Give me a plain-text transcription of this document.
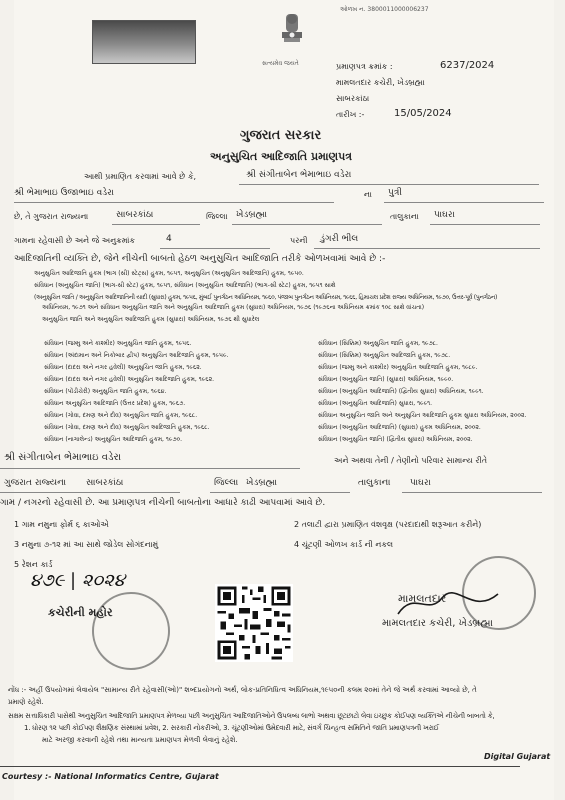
સત્યમેવ જયતે
ઓળખ ન. 3800011000006237
પ્રમાણપત્ર ક્રમાંક :	6237/2024
મામલતદાર કચેરી, ખેડબ્રહ્મા
સાબરકાંઠા
તારીખ :-	15/05/2024
ગુજરાત સરકાર
અનુસુચિત આદિજાતિ પ્રમાણપત્ર
આથી પ્રમાણિત કરવામાં આવે છે કે,	શ્રી સંગીતાબેન ભેમાભાઇ વડેરા
શ્રી ભેમાભાઇ ઉજાભાઇ વડેરા	ના પુત્રી
છે, તે ગુજરાત રાજ્યના	સાબરકાંઠા	જિલ્લા ખેડબ્રહ્મા	તાલુકાના પાઘરા
ગામના રહેવાસી છે અને જે અનુક્રમાંક	4	પરની ડુંગરી ભીલ
આદિજાતિની વ્યક્તિ છે, જેને નીચેની બાબતો હેઠળ અનુસુચિત આદિજાતિ તરીકે ઓળખવામાં આવે છે :-
અનુસુચિત આદિજાતિ હુકમ (ભાગ (સી) સ્ટેટ્સ) હુકમ, ૧૯૫૧, અનુસુચિત (અનુસુચિત આદિજાતિ) હુકમ, ૧૯૫૦.
સંવિધાન (અનુસુચિત જાતિ) (ભાગ-સી સ્ટેટ) હુકમ, ૧૯૫૧, સંવિધાન (અનુસુચિત આદિજાતિ) (ભાગ-સી સ્ટેટ) હુકમ, ૧૯૫૧ સાથે
(અનુસુચિત જાતિ / અનુસુચિત આદિજાતિની યાદી (સુધારા) હુકમ, ૧૯૫૬, મુંબઈ પુનર્ગઠન અધિનિયમ, ૧૯૬૦, પંજાબ પુનર્ગઠન અધિનિયમ, ૧૯૬૬, હિમાચલ પ્રદેશ રાજ્ય અધિનિયમ, ૧૯૭૦, ઉત્તર-પૂર્વ (પુનર્ગઠન)
અધિનિયમ, ૧૯૭૧ અને સંવિધાન અનુસુચિત જાતિ અને અનુસુચિત આદિજાતિ હુકમ (સુધારા) અધિનિયમ, ૧૯૭૬ (૧૯૭૬ના અધિનિયમ ક્રમાંક ૧૦૮ સાથે વાંચતા)
અનુસુચિત જાતિ અને અનુસુચિત આદિજાતિ હુકમ (સુધારા) અધિનિયમ, ૧૯૭૬ થી સુધારેલ
સંવિધાન (જમ્મુ અને કાશ્મીર) અનુસુચિત જાતિ હુકમ, ૧૯૫૬.
સંવિધાન (અંદામાન અને નિકોબાર દ્વીપ) અનુસુચિત આદિજાતિ હુકમ, ૧૯૫૯.
સંવિધાન (દાદરા અને નગર હવેલી) અનુસુચિત જાતિ હુકમ, ૧૯૬૨.
સંવિધાન (દાદરા અને નગર હવેલી) અનુસુચિત આદિજાતિ હુકમ, ૧૯૬૨.
સંવિધાન (પોંડીચેરી) અનુસુચિત જાતિ હુકમ, ૧૯૬૪.
સંવિધાન અનુસુચિત આદિજાતિ (ઉત્તર પ્રદેશ) હુકમ, ૧૯૬૭.
સંવિધાન (ગોવા, દમણ અને દીવ) અનુસુચિત જાતિ હુકમ, ૧૯૬૮.
સંવિધાન (ગોવા, દમણ અને દીવ) અનુસુચિત આદિજાતિ હુકમ, ૧૯૬૮.
સંવિધાન (નાગાલેન્ડ) અનુસુચિત આદિજાતિ હુકમ, ૧૯૭૦.
સંવિધાન (સિક્કિમ) અનુસુચિત જાતિ હુકમ, ૧૯૭૮.
સંવિધાન (સિક્કિમ) અનુસુચિત આદિજાતિ હુકમ, ૧૯૭૮.
સંવિધાન (જમ્મુ અને કાશ્મીર) અનુસુચિત આદિજાતિ હુકમ, ૧૯૮૯.
સંવિધાન (અનુસુચિત જાતિ) (સુધારા) અધિનિયમ, ૧૯૯૦.
સંવિધાન (અનુસુચિત આદિજાતિ) (દ્વિતીય સુધારા) અધિનિયમ, ૧૯૯૧.
સંવિધાન (અનુસુચિત આદિજાતિ) સુધારા, ૧૯૯૧.
સંવિધાન અનુસુચિત જાતિ અને અનુસુચિત આદિજાતિ હુકમ સુધારા અધિનિયમ, ૨૦૦૨.
સંવિધાન (અનુસુચિત આદિજાતિ) (સુધારા) હુકમ અધિનિયમ, ૨૦૦૨.
સંવિધાન (અનુસુચિત જાતિ) (દ્વિતીય સુધારા) અધિનિયમ, ૨૦૦૨.
શ્રી સંગીતાબેન ભેમાભાઇ વડેરા	અને અથવા તેની / તેણીનો પરિવાર સામાન્ય રીતે
ગુજરાત રાજ્યના સાબરકાંઠા	જિલ્લા ખેડબ્રહ્મા	તાલુકાના પાઘરા
ગામ / નગરનો રહેવાસી છે. આ પ્રમાણપત્ર નીચેની બાબતોના આધારે કાઢી આપવામાં આવે છે.
1 ગામ નમુના ફોર્મ ૬ કાઓએ	2 તલાટી દ્વારા પ્રમાણિત વંશવૃક્ષ (પરદાદાથી શરૂઆત કરીને)
3 નમુના ૭-૧૨ માં આ સાથે જોડેલ સોગંદનામું	4 ચૂંટણી ઓળખ કાર્ડ ની નકલ
5 રેશન કાર્ડ
૪૭૯ | ૨૦૨૪
કચેરીની મહોર
મામલતદાર
મામલતદાર કચેરી, ખેડબ્રહ્મા
નોંધ :- અહીં ઉપયોગમાં લેવાયેલ "સામાન્ય રીતે રહેવાસી(ઓ)" શબ્દપ્રયોગનો અર્થ, લોક-પ્રતિનિધિત્વ અધિનિયમ,૧૯૫૦ની કલમ ૨૦માં તેને જે અર્થ કરવામાં આવ્યો છે, તે
પ્રમાણે રહેશે.
સક્ષમ સત્તાધિકારી પાસેથી અનુસુચિત આદિજાતિ પ્રમાણપત્ર મેળવ્યા પછી અનુસુચિત આદિજાતિઓને ઉપલબ્ધ લાભો અથવા છૂટછાટો લેવા ઇચ્છુક કોઈપણ વ્યક્તિએ નીચેની બાબતો કે,
1. ધોરણ ૧૨ પછી કોઈપણ શૈક્ષણિક સંસ્થામાં પ્રવેશ, 2. સરકારી નોકરીઓ, 3. ચૂંટણીઓમાં ઉમેદવારી માટે, સંવર્ગ ચિન્હત્વ સમિતિને જાતિ પ્રમાણપત્રની ખરાઈ
માટે અરજી કરવાની રહેશે તથા માન્યતા પ્રમાણપત્ર મેળવી લેવાનું રહેશે.
Digital Gujarat
Courtesy :- National Informatics Centre, Gujarat
